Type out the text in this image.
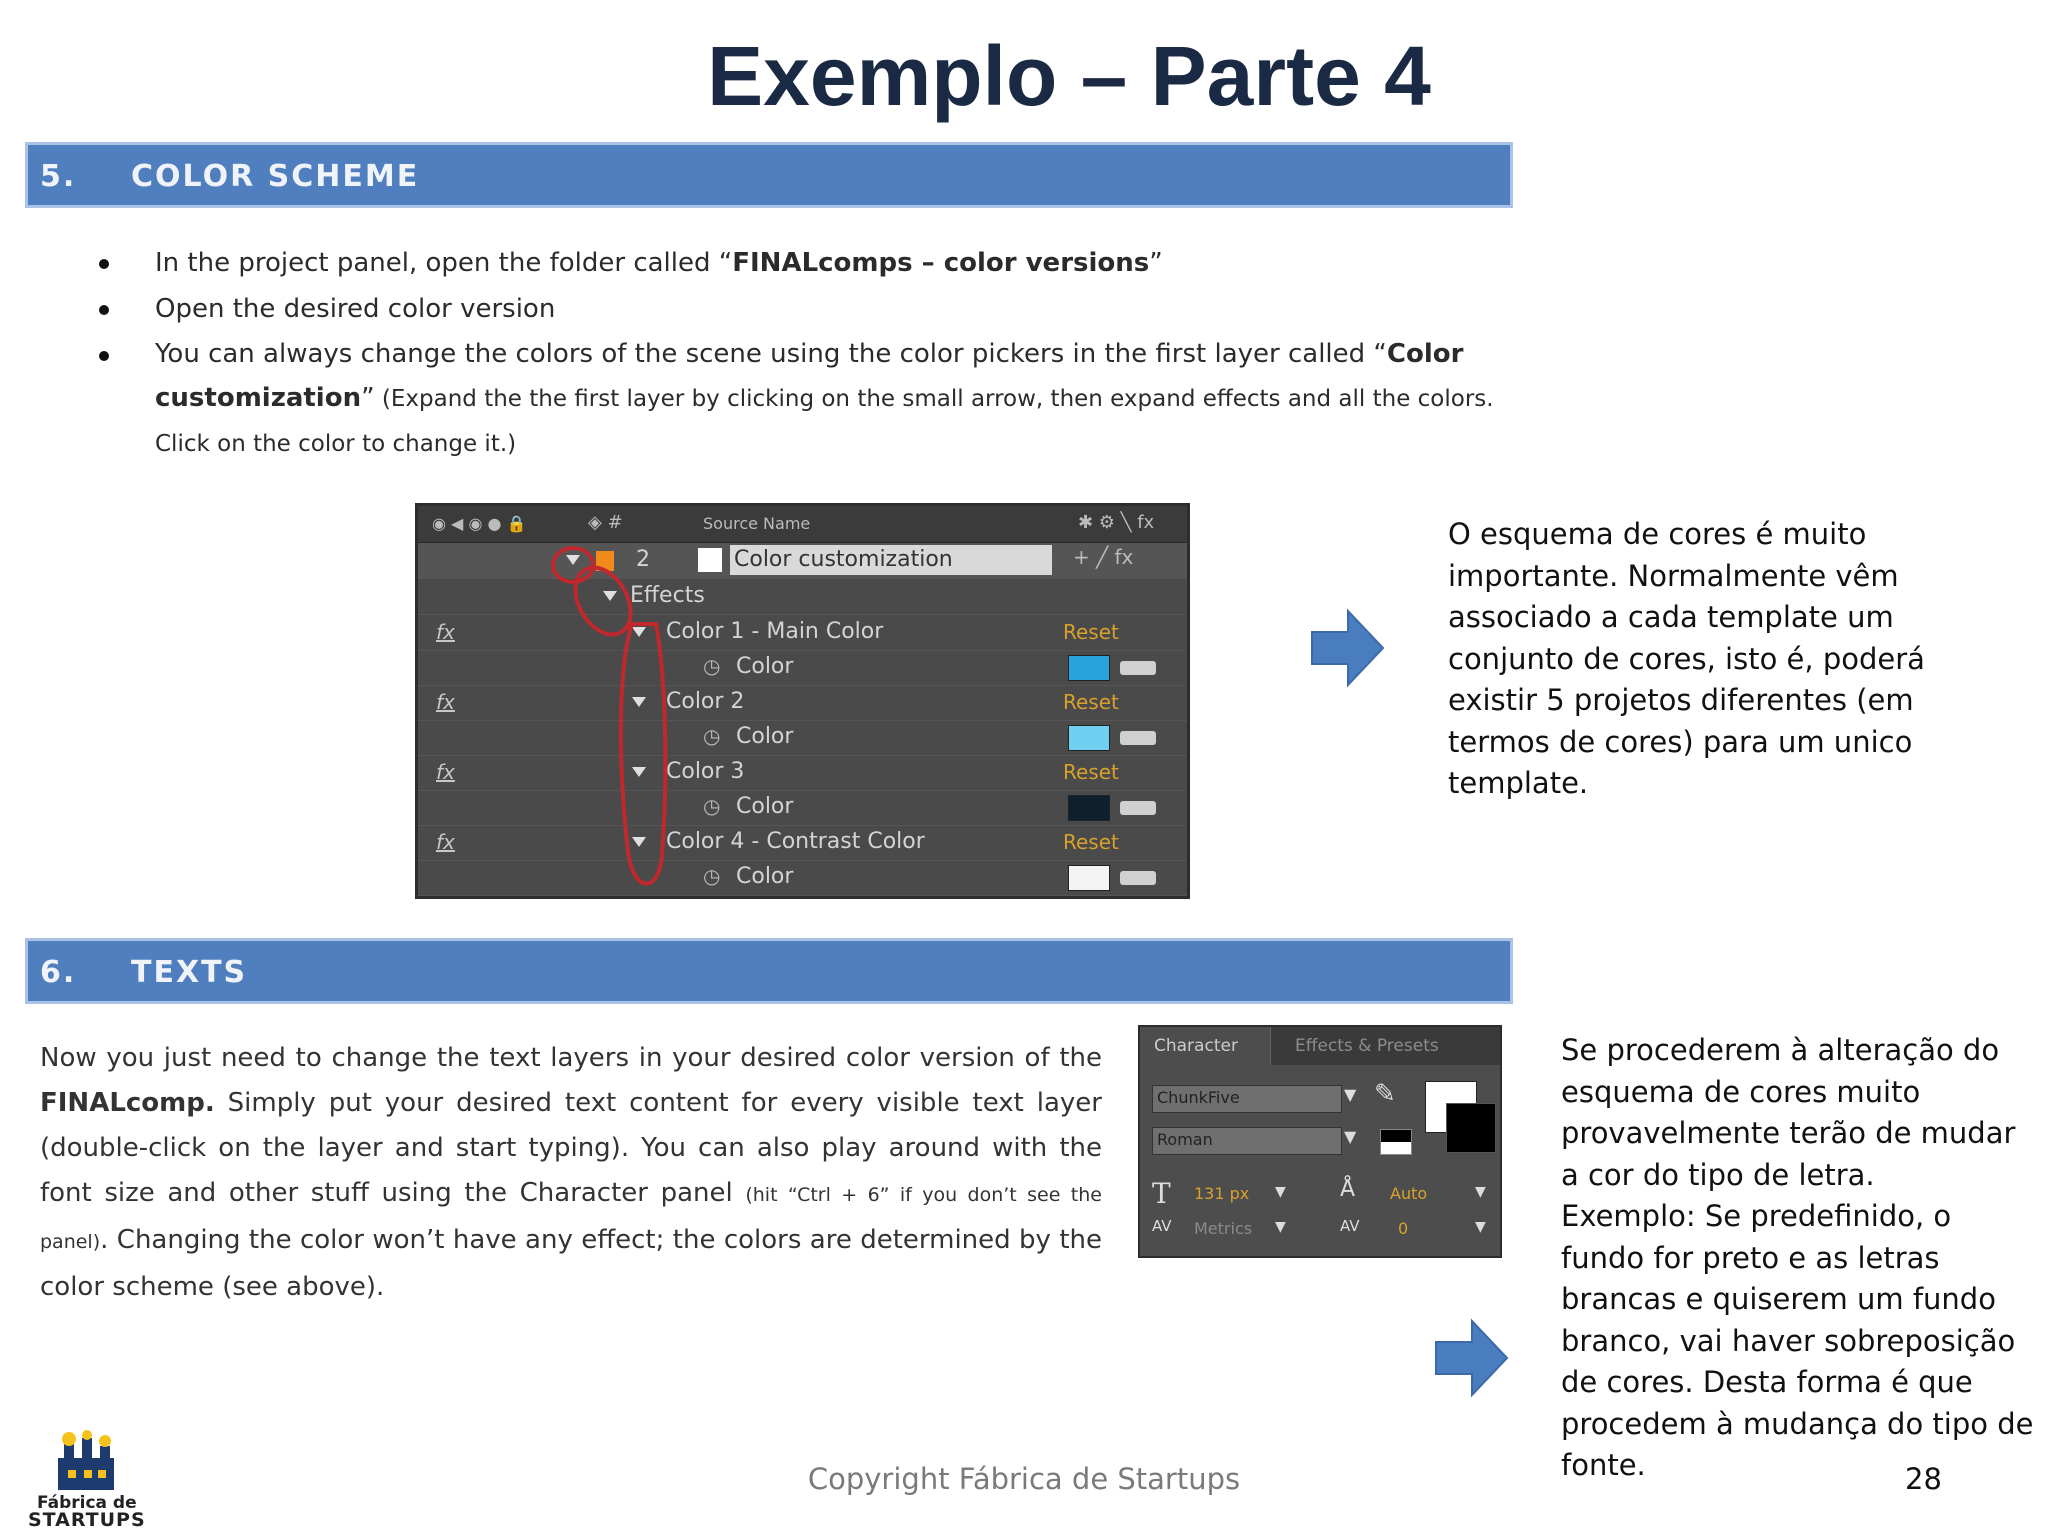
Exemplo – Parte 4
5. COLOR SCHEME
In the project panel, open the folder called “FINALcomps – color versions”
Open the desired color version
You can always change the colors of the scene using the color pickers in the first layer called “Color customization” (Expand the the first layer by clicking on the small arrow, then expand effects and all the colors. Click on the color to change it.)
◉ ◀ ◉ ● 🔒	◈ #	Source Name	✱ ⚙ ╲ fx
2	Color customization	+ ╱ fx
Effects
fx	Color 1 - Main Color	Reset
◷ Color
fx	Color 2	Reset
◷ Color
fx	Color 3	Reset
◷ Color
fx	Color 4 - Contrast Color	Reset
◷ Color
O esquema de cores é muito importante. Normalmente vêm associado a cada template um conjunto de cores, isto é, poderá existir 5 projetos diferentes (em termos de cores) para um unico template.
6. TEXTS
Now you just need to change the text layers in your desired color version of the FINALcomp. Simply put your desired text content for every visible text layer (double-click on the layer and start typing). You can also play around with the font size and other stuff using the Character panel (hit “Ctrl + 6” if you don’t see the panel). Changing the color won’t have any effect; the colors are determined by the color scheme (see above).
Character	Effects & Presets
ChunkFive	▼ ✎
Roman	▼
T 131 px ▼ Å Auto	▼
AV Metrics ▼	AV 0	▼
Se procederem à alteração do esquema de cores muito provavelmente terão de mudar a cor do tipo de letra.
Exemplo: Se predefinido, o fundo for preto e as letras brancas e quiserem um fundo branco, vai haver sobreposição de cores. Desta forma é que procedem à mudança do tipo de fonte.
Fábrica de
STARTUPS
Copyright Fábrica de Startups	28
